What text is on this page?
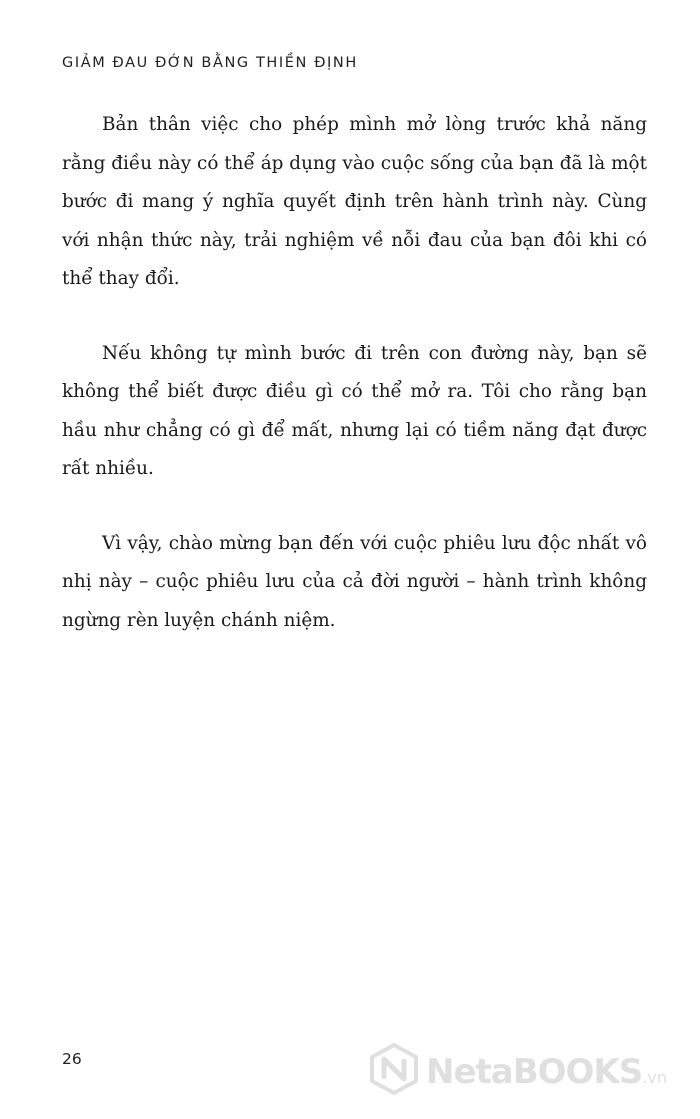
GIẢM ĐAU ĐỚN BẰNG THIỀN ĐỊNH

Bản thân việc cho phép mình mở lòng trước khả năng rằng điều này có thể áp dụng vào cuộc sống của bạn đã là một bước đi mang ý nghĩa quyết định trên hành trình này. Cùng với nhận thức này, trải nghiệm về nỗi đau của bạn đôi khi có thể thay đổi.

Nếu không tự mình bước đi trên con đường này, bạn sẽ không thể biết được điều gì có thể mở ra. Tôi cho rằng bạn hầu như chẳng có gì để mất, nhưng lại có tiềm năng đạt được rất nhiều.

Vì vậy, chào mừng bạn đến với cuộc phiêu lưu độc nhất vô nhị này – cuộc phiêu lưu của cả đời người – hành trình không ngừng rèn luyện chánh niệm.

26	NetaBOOKS.vn
